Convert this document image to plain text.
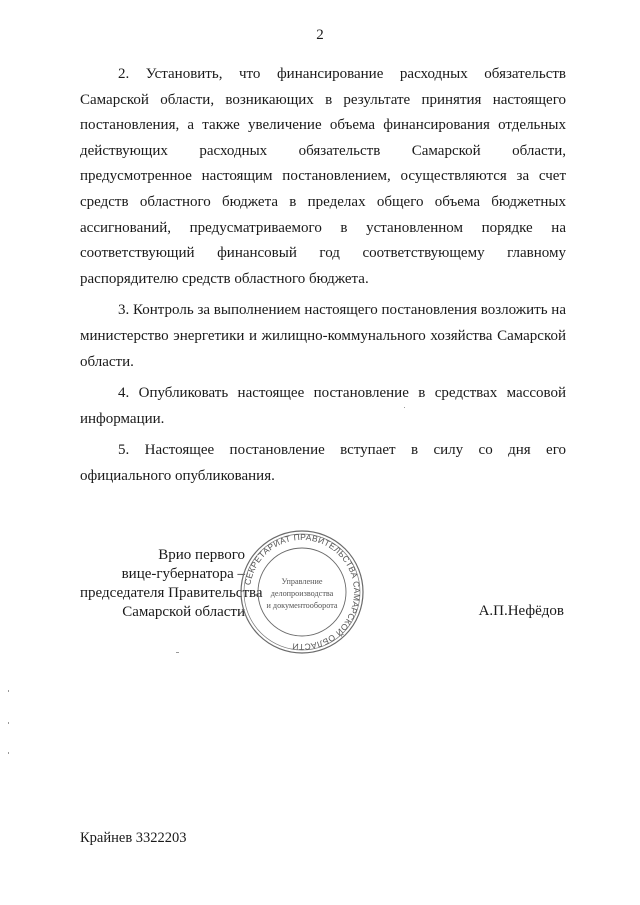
2

2. Установить, что финансирование расходных обязательств Самарской области, возникающих в результате принятия настоящего постановления, а также увеличение объема финансирования отдельных действующих расходных обязательств Самарской области, предусмотренное настоящим постановлением, осуществляются за счет средств областного бюджета в пределах общего объема бюджетных ассигнований, предусматриваемого в установленном порядке на соответствующий финансовый год соответствующему главному распорядителю средств областного бюджета.

3. Контроль за выполнением настоящего постановления возложить на министерство энергетики и жилищно-коммунального хозяйства Самарской области.

4. Опубликовать настоящее постановление в средствах массовой информации.

5. Настоящее постановление вступает в силу со дня его официального опубликования.

Врио первого
вице-губернатора –
председателя Правительства
Самарской области
СЕКРЕТАРИАТ ПРАВИТЕЛЬСТВА САМАРСКОЙ ОБЛАСТИ
Управление
делопроизводства
и документооборота	А.П.Нефёдов
Крайнев 3322203
